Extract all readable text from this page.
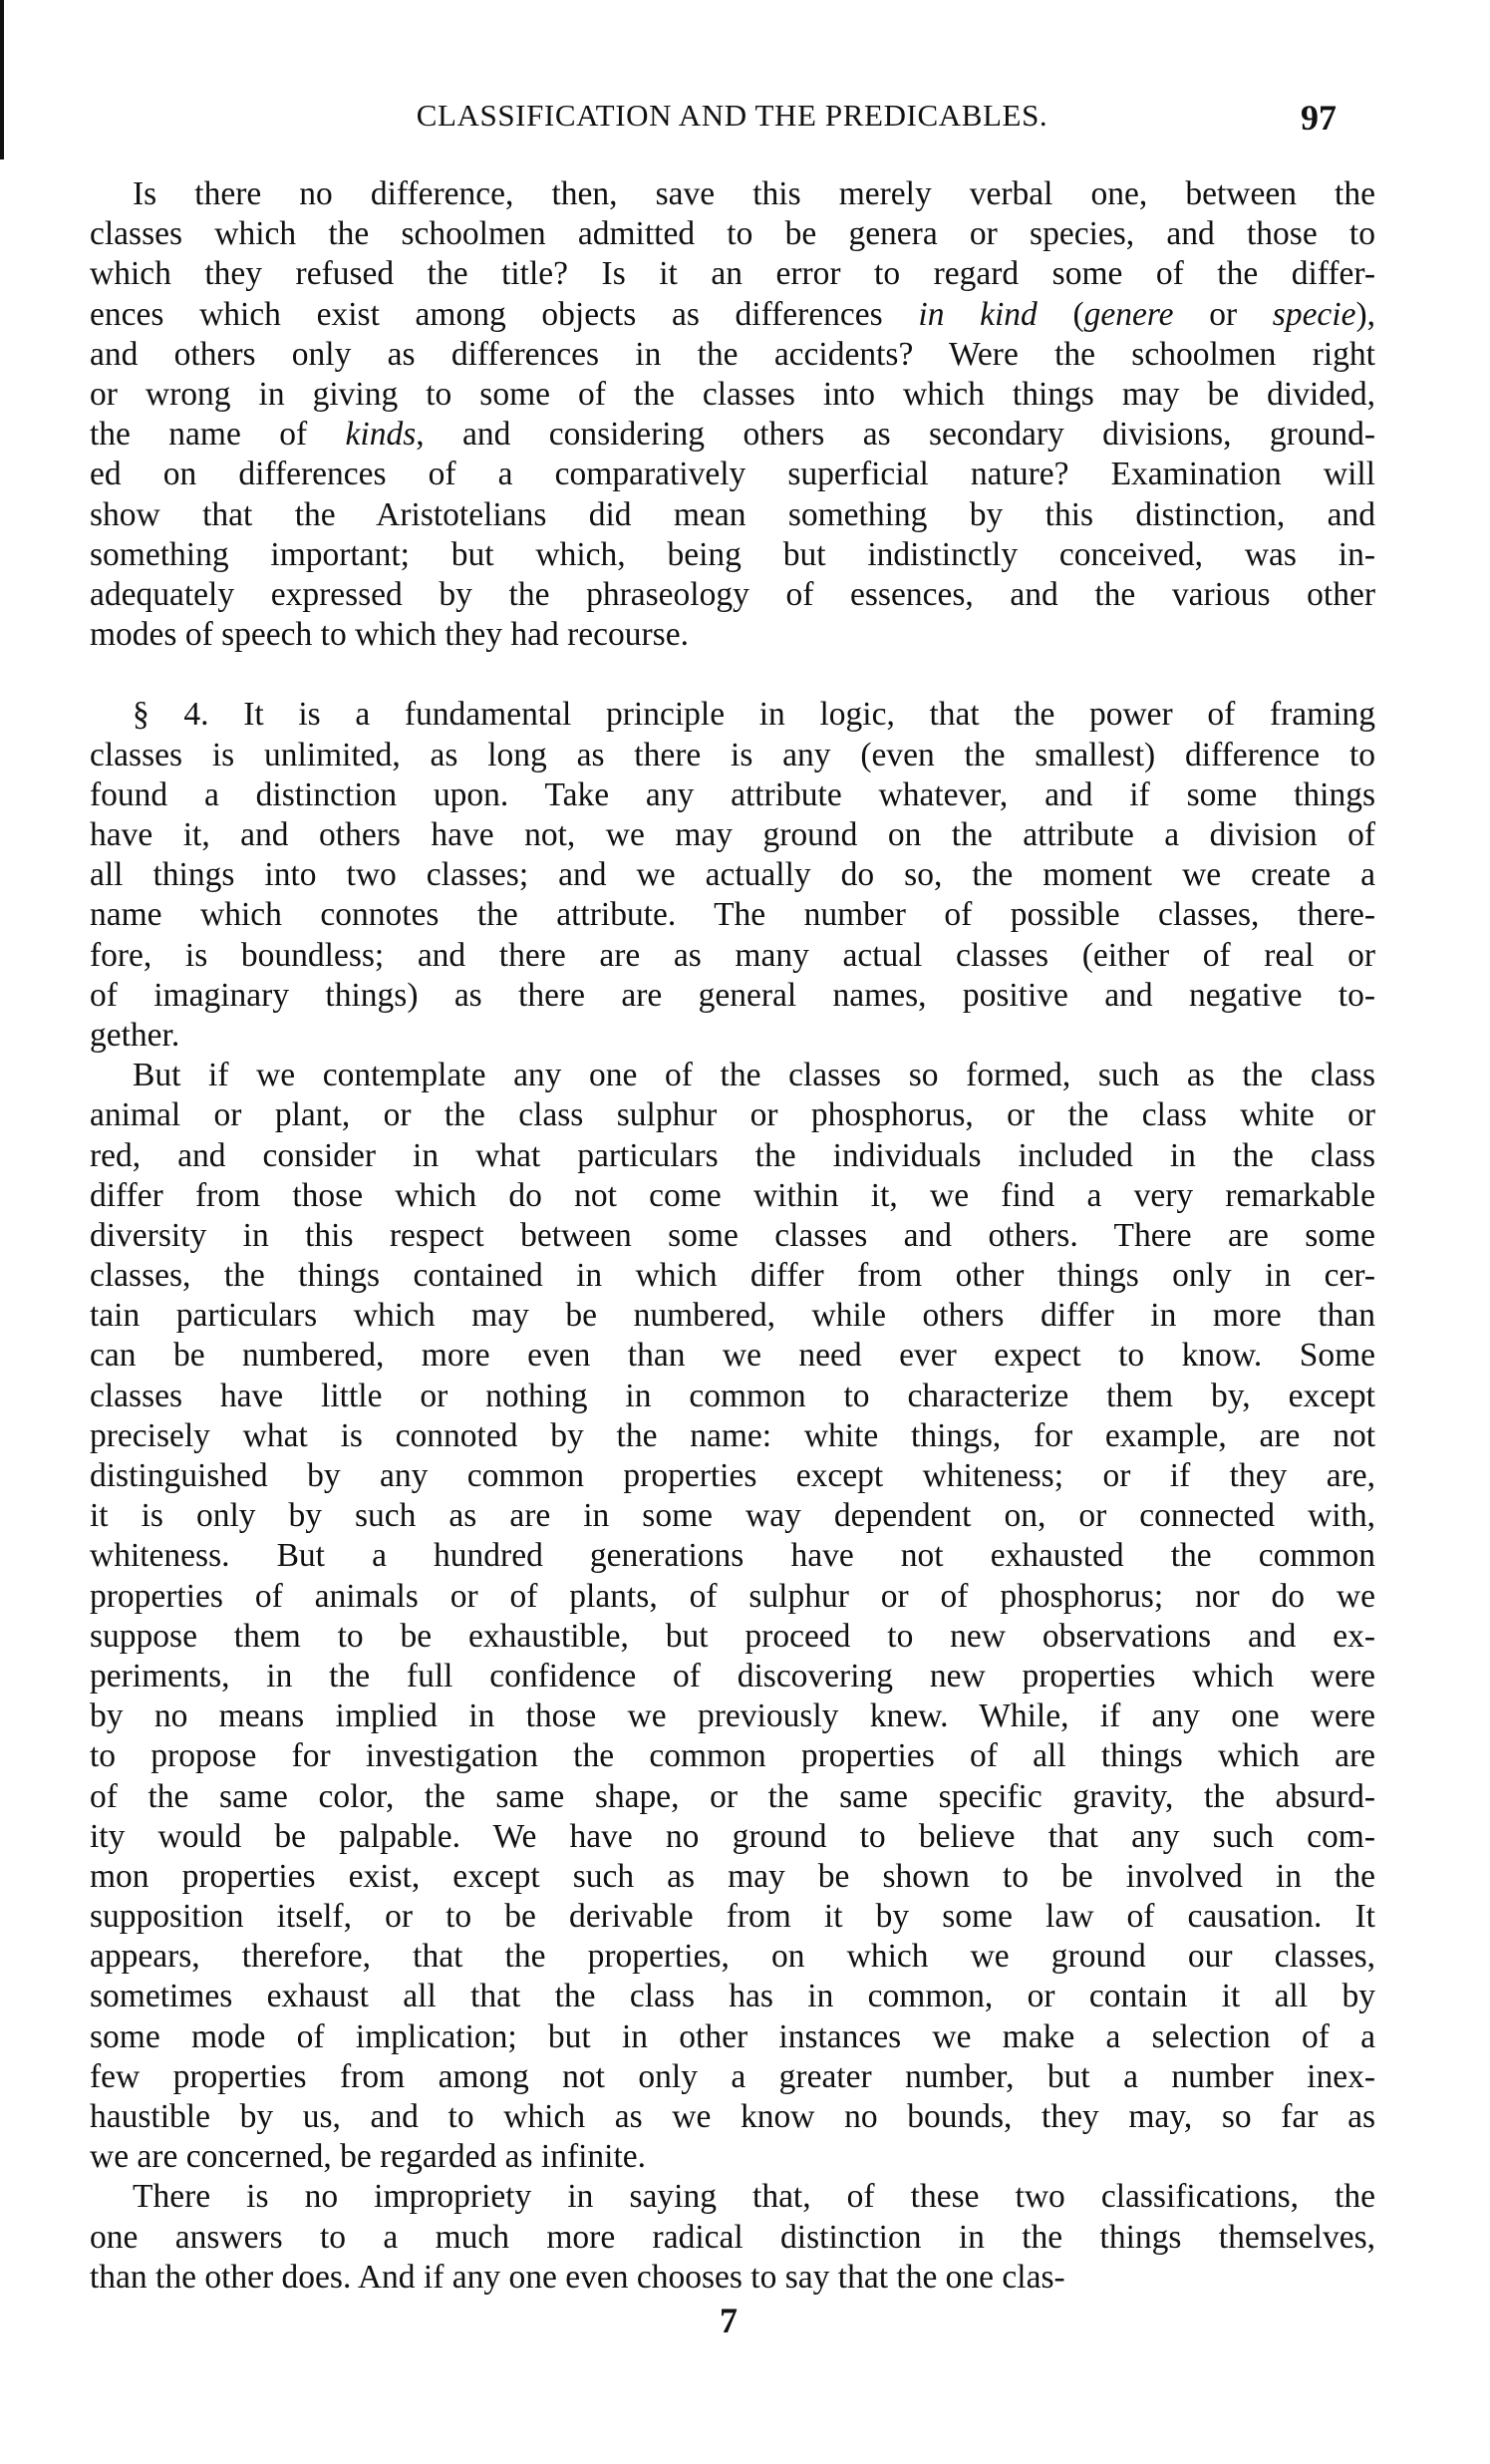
CLASSIFICATION AND THE PREDICABLES.	97
Is there no difference, then, save this merely verbal one, between the
classes which the schoolmen admitted to be genera or species, and those to
which they refused the title? Is it an error to regard some of the differ-
ences which exist among objects as differences in kind (genere or specie),
and others only as differences in the accidents? Were the schoolmen right
or wrong in giving to some of the classes into which things may be divided,
the name of kinds, and considering others as secondary divisions, ground-
ed on differences of a comparatively superficial nature? Examination will
show that the Aristotelians did mean something by this distinction, and
something important; but which, being but indistinctly conceived, was in-
adequately expressed by the phraseology of essences, and the various other
modes of speech to which they had recourse.
§ 4. It is a fundamental principle in logic, that the power of framing
classes is unlimited, as long as there is any (even the smallest) difference to
found a distinction upon. Take any attribute whatever, and if some things
have it, and others have not, we may ground on the attribute a division of
all things into two classes; and we actually do so, the moment we create a
name which connotes the attribute. The number of possible classes, there-
fore, is boundless; and there are as many actual classes (either of real or
of imaginary things) as there are general names, positive and negative to-
gether.
But if we contemplate any one of the classes so formed, such as the class
animal or plant, or the class sulphur or phosphorus, or the class white or
red, and consider in what particulars the individuals included in the class
differ from those which do not come within it, we find a very remarkable
diversity in this respect between some classes and others. There are some
classes, the things contained in which differ from other things only in cer-
tain particulars which may be numbered, while others differ in more than
can be numbered, more even than we need ever expect to know. Some
classes have little or nothing in common to characterize them by, except
precisely what is connoted by the name: white things, for example, are not
distinguished by any common properties except whiteness; or if they are,
it is only by such as are in some way dependent on, or connected with,
whiteness. But a hundred generations have not exhausted the common
properties of animals or of plants, of sulphur or of phosphorus; nor do we
suppose them to be exhaustible, but proceed to new observations and ex-
periments, in the full confidence of discovering new properties which were
by no means implied in those we previously knew. While, if any one were
to propose for investigation the common properties of all things which are
of the same color, the same shape, or the same specific gravity, the absurd-
ity would be palpable. We have no ground to believe that any such com-
mon properties exist, except such as may be shown to be involved in the
supposition itself, or to be derivable from it by some law of causation. It
appears, therefore, that the properties, on which we ground our classes,
sometimes exhaust all that the class has in common, or contain it all by
some mode of implication; but in other instances we make a selection of a
few properties from among not only a greater number, but a number inex-
haustible by us, and to which as we know no bounds, they may, so far as
we are concerned, be regarded as infinite.
There is no impropriety in saying that, of these two classifications, the
one answers to a much more radical distinction in the things themselves,
than the other does. And if any one even chooses to say that the one clas-
7
